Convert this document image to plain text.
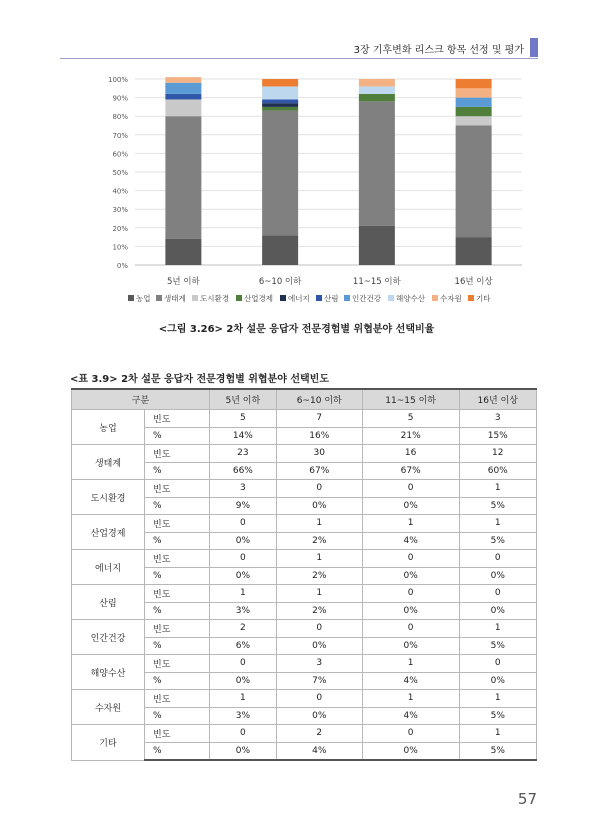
3장 기후변화 리스크 항목 선정 및 평가
0%
10%
20%
30%
40%
50%
60%
70%
80%
90%
100%
5년 이하	6~10 이하	11~15 이하	16년 이상
농업 생태계 도시환경 산업경제 에너지 산림 인간건강 해양수산 수자원 기타
<그림 3.26> 2차 설문 응답자 전문경험별 위협분야 선택비율
<표 3.9> 2차 설문 응답자 전문경험별 위협분야 선택빈도
구분		5년 이하	6~10 이하	11~15 이하	16년 이상
농업	빈도	5	7	5	3
	%	14%	16%	21%	15%
생태계	빈도	23	30	16	12
	%	66%	67%	67%	60%
도시환경	빈도	3	0	0	1
	%	9%	0%	0%	5%
산업경제	빈도	0	1	1	1
	%	0%	2%	4%	5%
에너지	빈도	0	1	0	0
	%	0%	2%	0%	0%
산림	빈도	1	1	0	0
	%	3%	2%	0%	0%
인간건강	빈도	2	0	0	1
	%	6%	0%	0%	5%
해양수산	빈도	0	3	1	0
	%	0%	7%	4%	0%
수자원	빈도	1	0	1	1
	%	3%	0%	4%	5%
기타	빈도	0	2	0	1
	%	0%	4%	0%	5%
57
